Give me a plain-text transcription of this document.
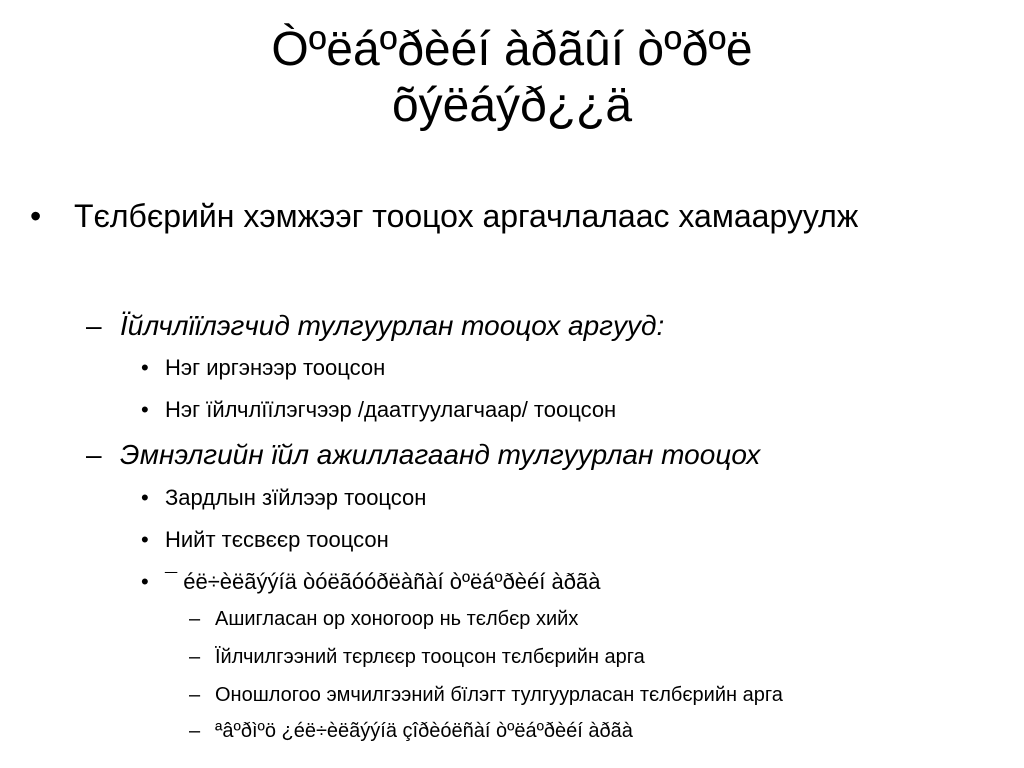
Òºëáºðèéí àðãûí òºðºë
õýëáýð¿¿ä
•	Тєлбєрийн хэмжээг тооцох аргачлалаас хамааруулж
– Їйлчлїїлэгчид тулгуурлан тооцох аргууд:
• Нэг иргэнээр тооцсон
• Нэг їйлчлїїлэгчээр /даатгуулагчаар/ тооцсон
– Эмнэлгийн їйл ажиллагаанд тулгуурлан тооцох
• Зардлын зїйлээр тооцсон
• Нийт тєсвєєр тооцсон
• ¯ éë÷èëãýýíä òóëãóóðëàñàí òºëáºðèéí àðãà
– Ашигласан ор хоногоор нь тєлбєр хийх
– Їйлчилгээний тєрлєєр тооцсон тєлбєрийн арга
– Оношлогоо эмчилгээний бїлэгт тулгуурласан тєлбєрийн арга
– ªâºðìºö ¿éë÷èëãýýíä çîðèóëñàí òºëáºðèéí àðãà
